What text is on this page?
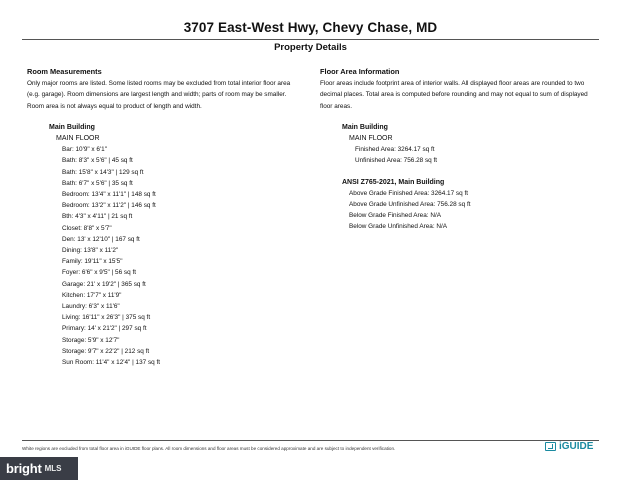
3707 East-West Hwy, Chevy Chase, MD
Property Details
Room Measurements
Only major rooms are listed. Some listed rooms may be excluded from total interior floor area
(e.g. garage). Room dimensions are largest length and width; parts of room may be smaller.
Room area is not always equal to product of length and width.
Main Building
MAIN FLOOR
Bar: 10'9" x 6'1"
Bath: 8'3" x 5'6" | 45 sq ft
Bath: 15'8" x 14'3" | 129 sq ft
Bath: 6'7" x 5'6" | 35 sq ft
Bedroom: 13'4" x 11'1" | 148 sq ft
Bedroom: 13'2" x 11'2" | 146 sq ft
Bth: 4'3" x 4'11" | 21 sq ft
Closet: 8'8" x 5'7"
Den: 13' x 12'10" | 167 sq ft
Dining: 13'8" x 11'2"
Family: 19'11" x 15'5"
Foyer: 6'6" x 9'5" | 56 sq ft
Garage: 21' x 19'2" | 365 sq ft
Kitchen: 17'7" x 11'9"
Laundry: 6'3" x 11'6"
Living: 16'11" x 26'3" | 375 sq ft
Primary: 14' x 21'2" | 297 sq ft
Storage: 5'9" x 12'7"
Storage: 9'7" x 22'2" | 212 sq ft
Sun Room: 11'4" x 12'4" | 137 sq ft
Floor Area Information
Floor areas include footprint area of interior walls. All displayed floor areas are rounded to two
decimal places. Total area is computed before rounding and may not equal to sum of displayed
floor areas.
Main Building
MAIN FLOOR
Finished Area: 3264.17 sq ft
Unfinished Area: 756.28 sq ft
ANSI Z765-2021, Main Building
Above Grade Finished Area: 3264.17 sq ft
Above Grade Unfinished Area: 756.28 sq ft
Below Grade Finished Area: N/A
Below Grade Unfinished Area: N/A
White regions are excluded from total floor area in iGUIDE floor plans. All room dimensions and floor areas must be considered approximate and are subject to independent verification.	iGUIDE
bright MLS
